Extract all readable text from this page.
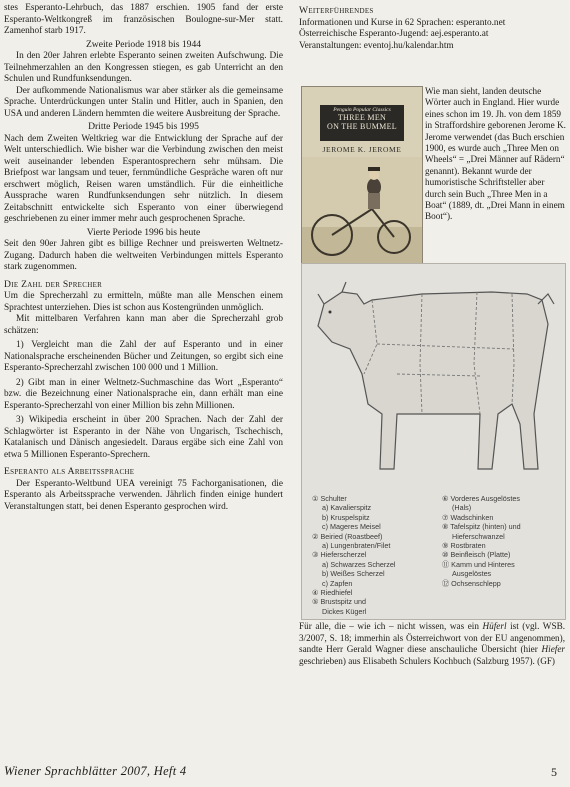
stes Esperanto-Lehrbuch, das 1887 erschien. 1905 fand der erste Esperanto-Weltkongreß im französischen Boulogne-sur-Mer statt. Zamenhof starb 1917.

Zweite Periode 1918 bis 1944

In den 20er Jahren erlebte Esperanto seinen zweiten Aufschwung. Die Teilnehmerzahlen an den Kongressen stiegen, es gab Unterricht an den Schulen und Rundfunksendungen.

Der aufkommende Nationalismus war aber stärker als die gemeinsame Sprache. Unterdrückungen unter Stalin und Hitler, auch in Spanien, den USA und anderen Ländern hemmten die weitere Ausbreitung der Sprache.

Dritte Periode 1945 bis 1995

Nach dem Zweiten Weltkrieg war die Entwicklung der Sprache auf der Welt unterschiedlich. Wie bisher war die Verbindung zwischen den meist weit auseinander lebenden Esperantosprechern sehr mühsam. Die Briefpost war langsam und teuer, fernmündliche Gespräche waren oft nur erschwert möglich, Reisen waren umständlich. Für die einheitliche Aussprache waren Rundfunksendungen sehr nützlich. In diesem Zeitabschnitt entwickelte sich Esperanto von einer überwiegend geschriebenen zu einer immer mehr auch gesprochenen Sprache.

Vierte Periode 1996 bis heute

Seit den 90er Jahren gibt es billige Rechner und preiswerten Weltnetz-Zugang. Dadurch haben die weltweiten Verbindungen mittels Esperanto stark zugenommen.

Die Zahl der Sprecher

Um die Sprecherzahl zu ermitteln, müßte man alle Menschen einem Sprachtest unterziehen. Dies ist schon aus Kostengründen unmöglich.

Mit mittelbaren Verfahren kann man aber die Sprecherzahl grob schätzen:

1) Vergleicht man die Zahl der auf Esperanto und in einer Nationalsprache erscheinenden Bücher und Zeitungen, so ergibt sich eine Esperanto-Sprecherzahl zwischen 100 000 und 1 Million.

2) Gibt man in einer Weltnetz-Suchmaschine das Wort „Esperanto“ bzw. die Bezeichnung einer Nationalsprache ein, dann erhält man eine Esperanto-Sprecherzahl von einer Million bis zehn Millionen.

3) Wikipedia erscheint in über 200 Sprachen. Nach der Zahl der Schlagwörter ist Esperanto in der Nähe von Ungarisch, Tschechisch, Katalanisch und Dänisch angesiedelt. Daraus ergäbe sich eine Zahl von etwa 5 Millionen Esperanto-Sprechern.

Esperanto als Arbeitssprache

Der Esperanto-Weltbund UEA vereinigt 75 Fachorganisationen, die Esperanto als Arbeitssprache verwenden. Jährlich finden einige hundert Veranstaltungen statt, bei denen Esperanto gesprochen wird.

Weiterführendes

Informationen und Kurse in 62 Sprachen: esperanto.net

Österreichische Esperanto-Jugend: aej.esperanto.at

Veranstaltungen: eventoj.hu/kalendar.htm

Penguin Popular Classics
THREE MEN
ON THE BUMMEL
JEROME K. JEROME

Wie man sieht, landen deutsche Wörter auch in England. Hier wurde eines schon im 19. Jh. von dem 1859 in Straffordshire geborenen Jerome K. Jerome verwendet (das Buch erschien 1900, es wurde auch „Three Men on Wheels“ = „Drei Männer auf Rädern“ genannt). Bekannt wurde der humoristische Schriftsteller aber durch sein Buch „Three Men in a Boat“ (1889, dt. „Drei Mann in einem Boot“).

① Schulter
a) Kavalierspitz
b) Kruspelspitz
c) Mageres Meisel
② Beiried (Roastbeef)
a) Lungenbraten/Filet
③ Hieferscherzel
a) Schwarzes Scherzel
b) Weißes Scherzel
c) Zapfen
④ Riedhiefel
⑤ Brustspitz und
Dickes Kügerl
⑥ Vorderes Ausgelöstes
(Hals)
⑦ Wadschinken
⑧ Tafelspitz (hinten) und
Hieferschwanzel
⑨ Rostbraten
⑩ Beinfleisch (Platte)
⑪ Kamm und Hinteres
Ausgelöstes
⑫ Ochsenschlepp

Für alle, die – wie ich – nicht wissen, was ein Hüferl ist (vgl. WSB. 3/2007, S. 18; immerhin als Österreichwort von der EU angenommen), sandte Herr Gerald Wagner diese anschauliche Übersicht (hier Hiefer geschrieben) aus Elisabeth Schulers Kochbuch (Salzburg 1957). (GF)

Wiener Sprachblätter 2007, Heft 4	5
